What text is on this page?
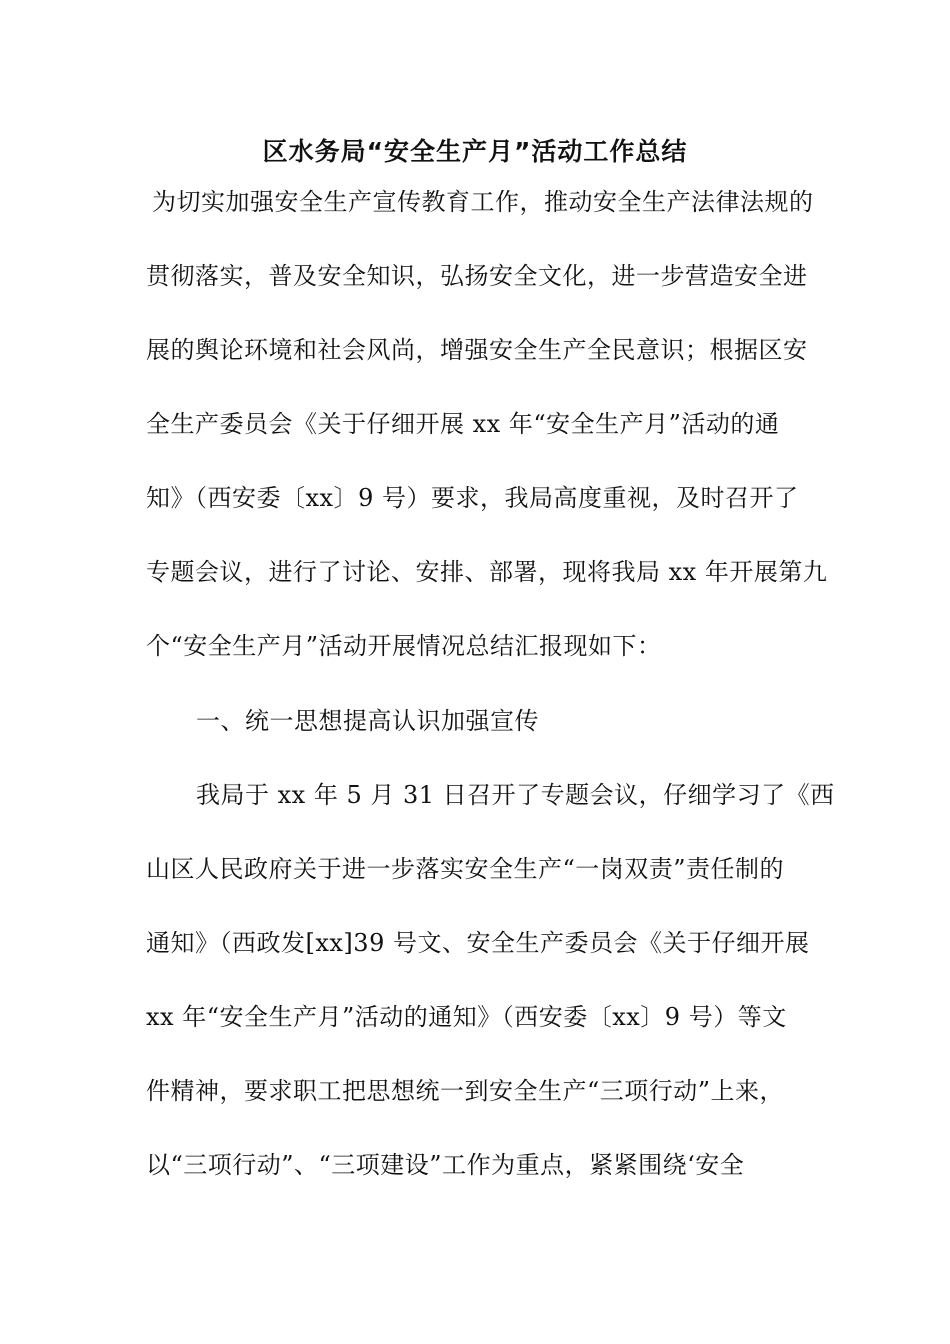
区水务局“安全生产月”活动工作总结
为切实加强安全生产宣传教育工作，推动安全生产法律法规的
贯彻落实，普及安全知识，弘扬安全文化，进一步营造安全进
展的舆论环境和社会风尚，增强安全生产全民意识；根据区安
全生产委员会《关于仔细开展 xx 年“安全生产月”活动的通
知》（西安委〔xx〕9 号）要求，我局高度重视，及时召开了
专题会议，进行了讨论、安排、部署，现将我局 xx 年开展第九
个“安全生产月”活动开展情况总结汇报现如下：
一、统一思想提高认识加强宣传
我局于 xx 年 5 月 31 日召开了专题会议，仔细学习了《西
山区人民政府关于进一步落实安全生产“一岗双责”责任制的
通知》（西政发[xx]39 号文、安全生产委员会《关于仔细开展
xx 年“安全生产月”活动的通知》（西安委〔xx〕9 号）等文
件精神，要求职工把思想统一到安全生产“三项行动”上来，
以“三项行动”、“三项建设”工作为重点，紧紧围绕‘安全
